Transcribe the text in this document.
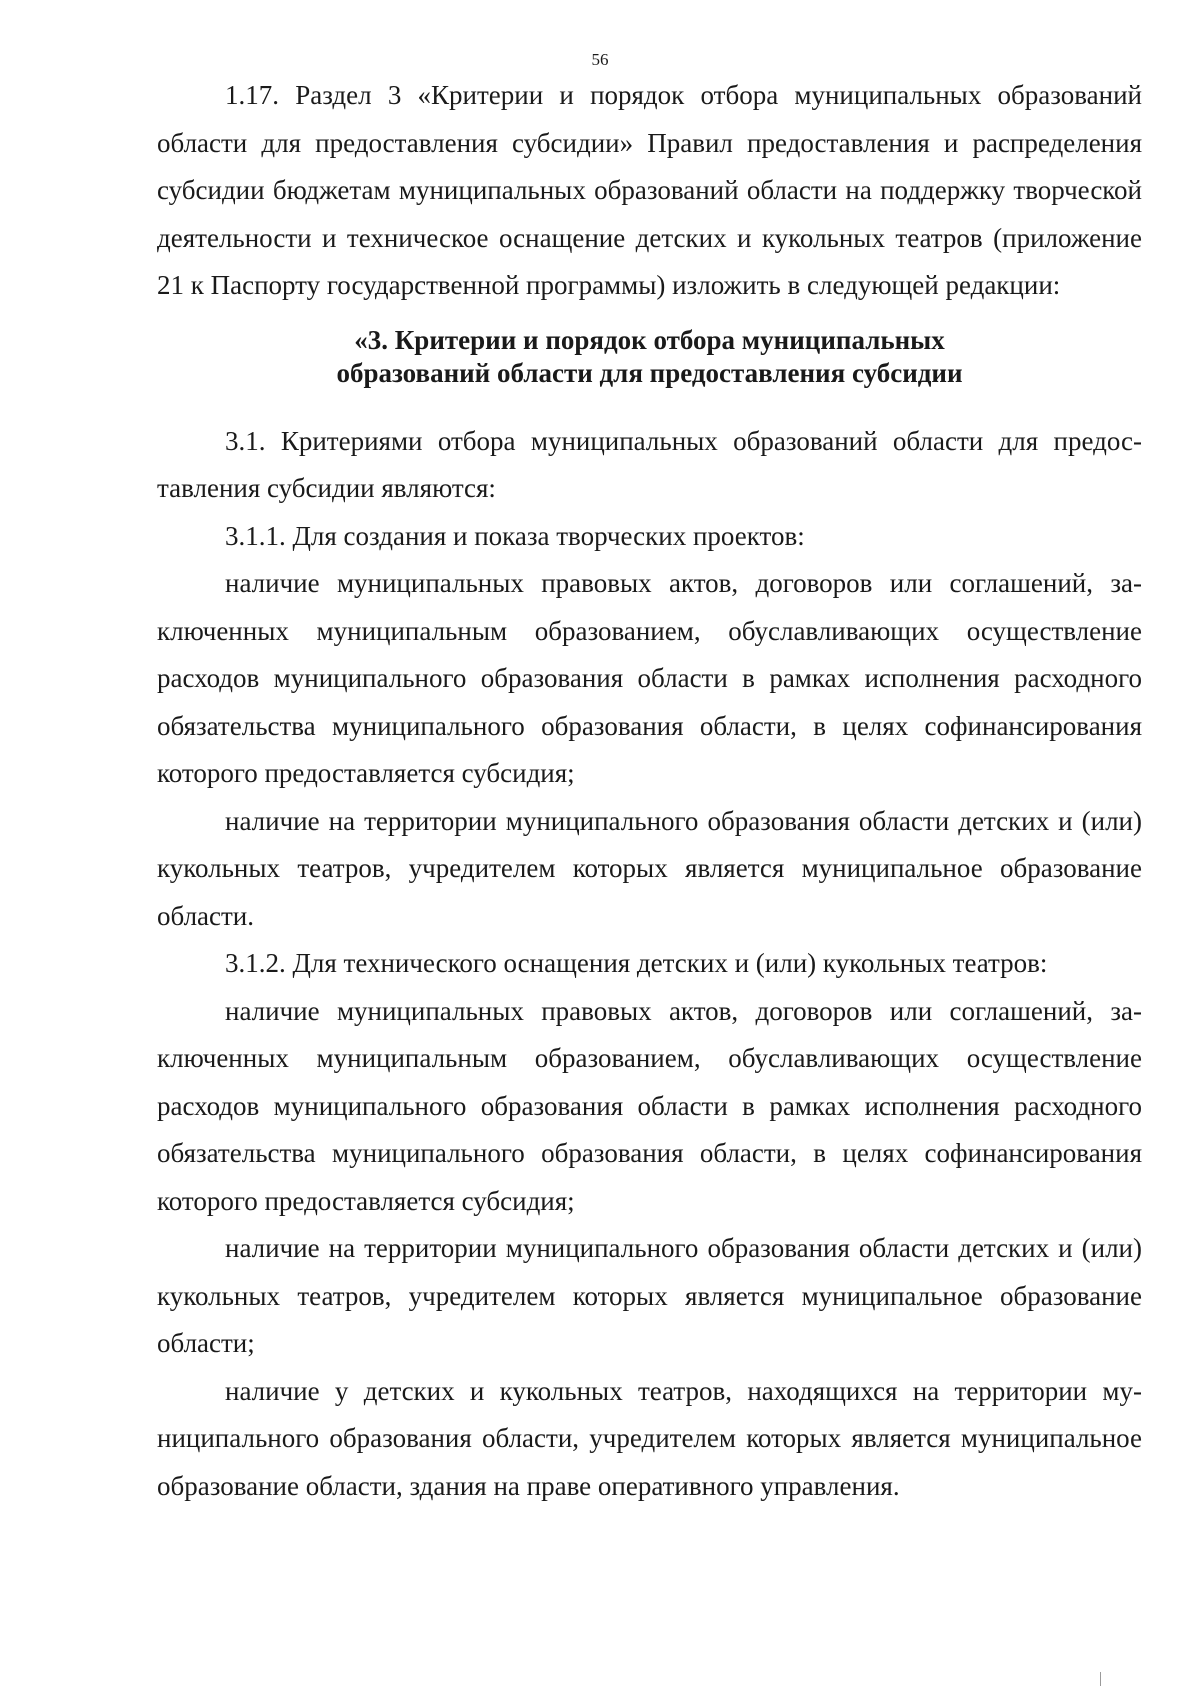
56

1.17. Раздел 3 «Критерии и порядок отбора муниципальных образований области для предоставления субсидии» Правил предоставления и распределения субсидии бюджетам муниципальных образований области на поддержку творческой деятельности и техническое оснащение детских и кукольных театров (приложение 21 к Паспорту государственной программы) изложить в следующей редакции:

«3. Критерии и порядок отбора муниципальных
образований области для предоставления субсидии

3.1. Критериями отбора муниципальных образований области для предоставления субсидии являются:

3.1.1. Для создания и показа творческих проектов:

наличие муниципальных правовых актов, договоров или соглашений, заключенных муниципальным образованием, обуславливающих осуществление расходов муниципального образования области в рамках исполнения расходного обязательства муниципального образования области, в целях софинансирования которого предоставляется субсидия;

наличие на территории муниципального образования области детских и (или) кукольных театров, учредителем которых является муниципальное образование области.

3.1.2. Для технического оснащения детских и (или) кукольных театров:

наличие муниципальных правовых актов, договоров или соглашений, заключенных муниципальным образованием, обуславливающих осуществление расходов муниципального образования области в рамках исполнения расходного обязательства муниципального образования области, в целях софинансирования которого предоставляется субсидия;

наличие на территории муниципального образования области детских и (или) кукольных театров, учредителем которых является муниципальное образование области;

наличие у детских и кукольных театров, находящихся на территории муниципального образования области, учредителем которых является муниципальное образование области, здания на праве оперативного управления.
